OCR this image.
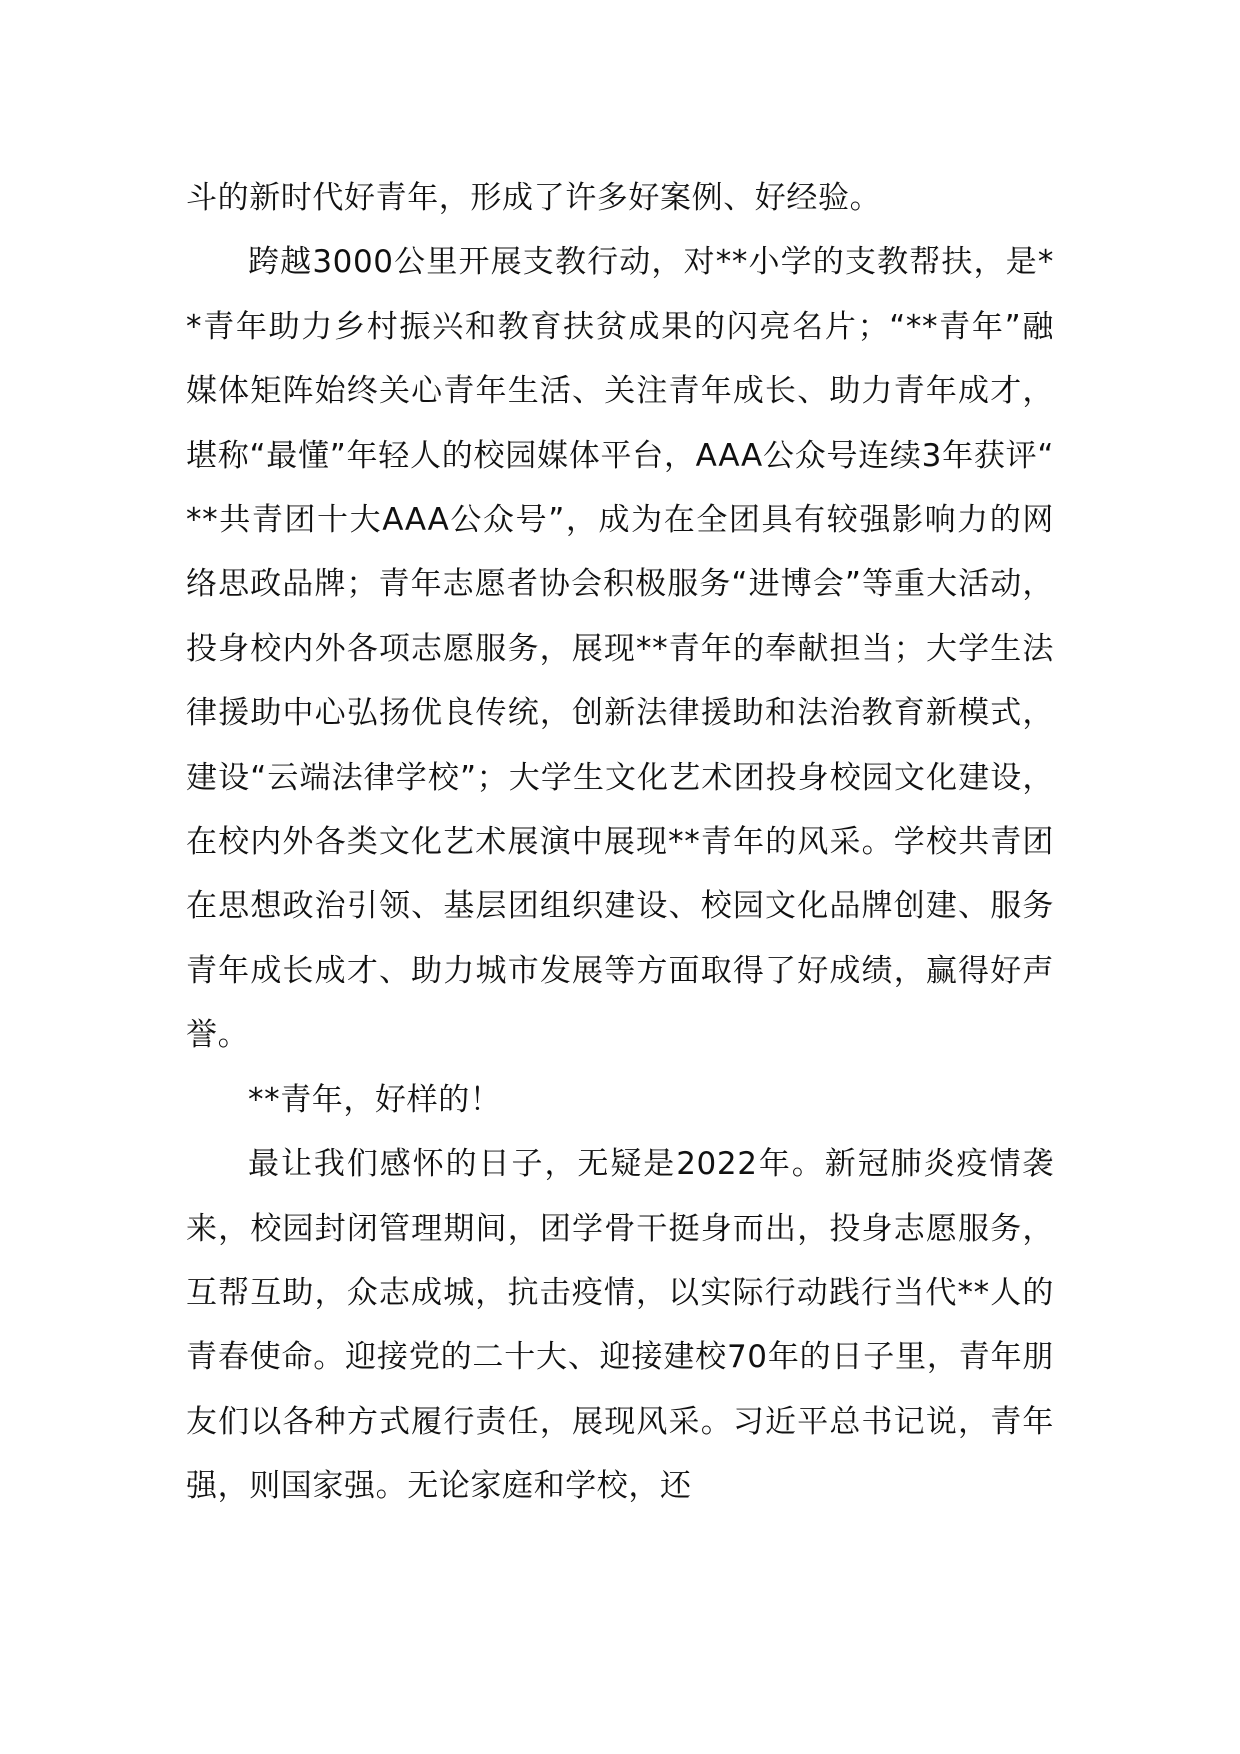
斗的新时代好青年，形成了许多好案例、好经验。

跨越3000公里开展支教行动，对**小学的支教帮扶，是**青年助力乡村振兴和教育扶贫成果的闪亮名片；“**青年”融媒体矩阵始终关心青年生活、关注青年成长、助力青年成才，堪称“最懂”年轻人的校园媒体平台，AAA公众号连续3年获评“**共青团十大AAA公众号”，成为在全团具有较强影响力的网络思政品牌；青年志愿者协会积极服务“进博会”等重大活动，投身校内外各项志愿服务，展现**青年的奉献担当；大学生法律援助中心弘扬优良传统，创新法律援助和法治教育新模式，建设“云端法律学校”；大学生文化艺术团投身校园文化建设，在校内外各类文化艺术展演中展现**青年的风采。学校共青团在思想政治引领、基层团组织建设、校园文化品牌创建、服务青年成长成才、助力城市发展等方面取得了好成绩，赢得好声誉。

**青年，好样的！

最让我们感怀的日子，无疑是2022年。新冠肺炎疫情袭来，校园封闭管理期间，团学骨干挺身而出，投身志愿服务，互帮互助，众志成城，抗击疫情，以实际行动践行当代**人的青春使命。迎接党的二十大、迎接建校70年的日子里，青年朋友们以各种方式履行责任，展现风采。习近平总书记说，青年强，则国家强。无论家庭和学校，还
